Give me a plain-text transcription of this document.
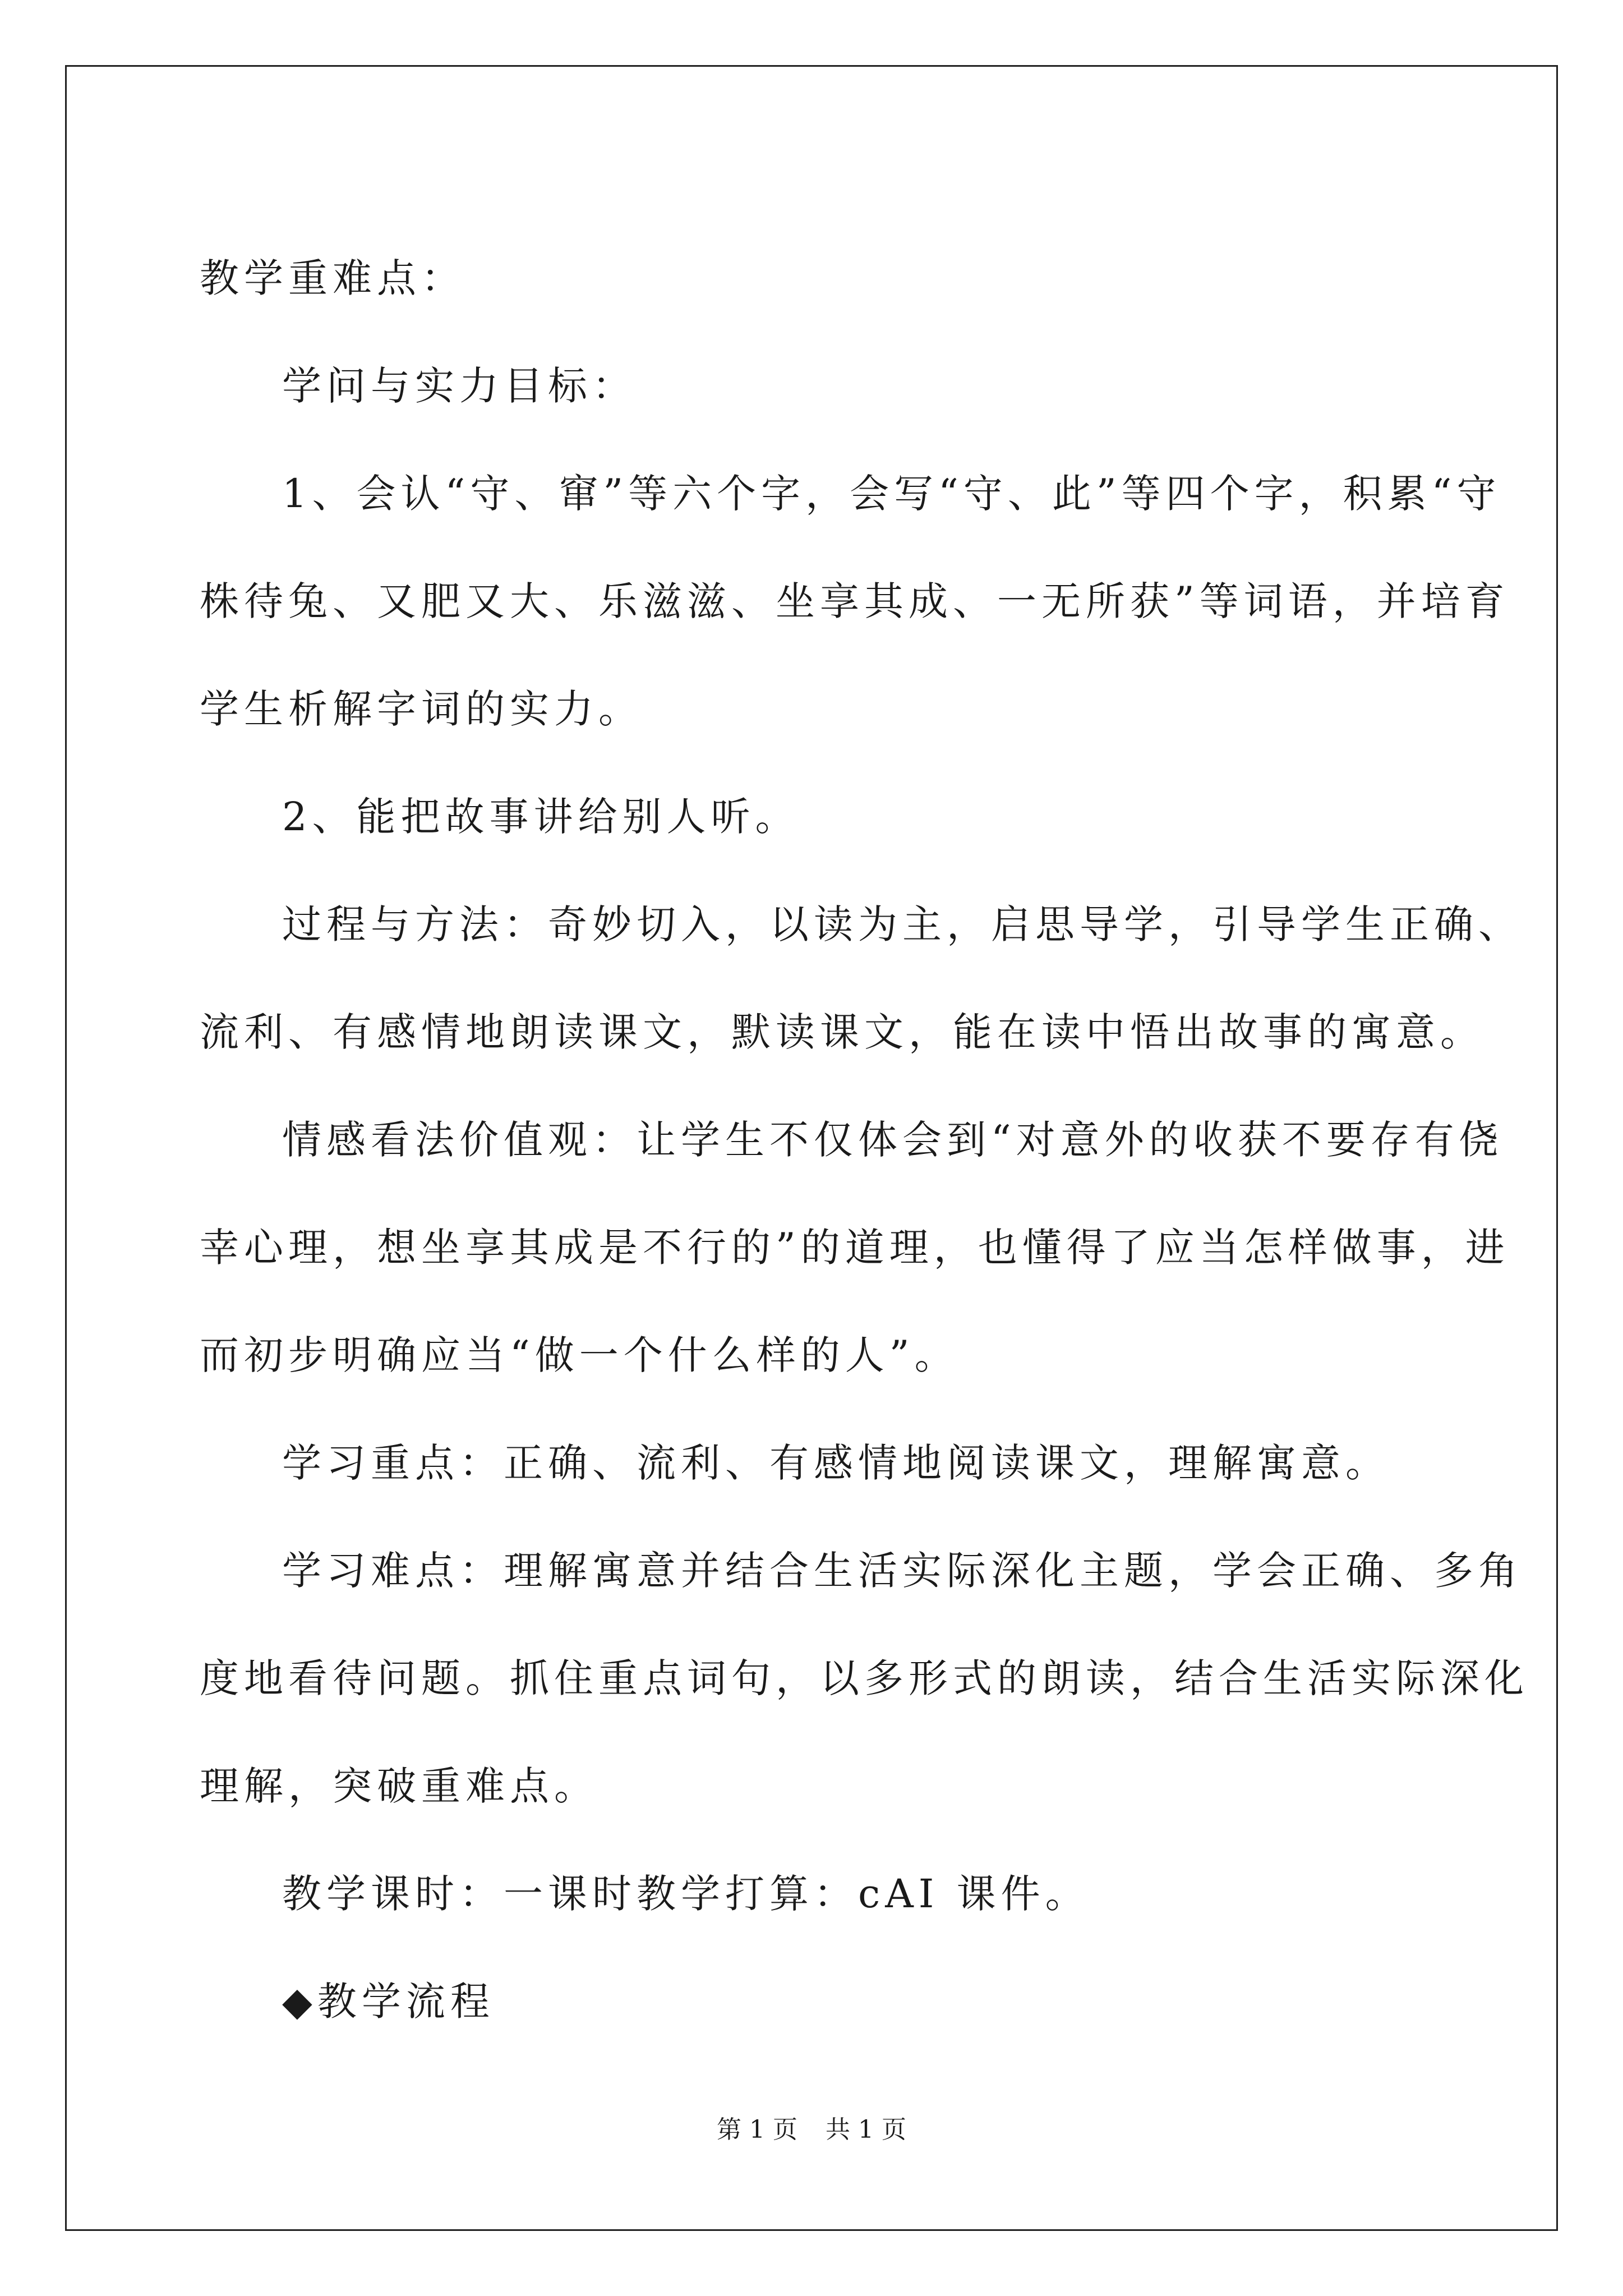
教学重难点：

学问与实力目标：

1、会认“守、窜”等六个字，会写“守、此”等四个字，积累“守

株待兔、又肥又大、乐滋滋、坐享其成、一无所获”等词语，并培育

学生析解字词的实力。

2、能把故事讲给别人听。

过程与方法：奇妙切入，以读为主，启思导学，引导学生正确、

流利、有感情地朗读课文，默读课文，能在读中悟出故事的寓意。

情感看法价值观：让学生不仅体会到“对意外的收获不要存有侥

幸心理，想坐享其成是不行的”的道理，也懂得了应当怎样做事，进

而初步明确应当“做一个什么样的人”。

学习重点：正确、流利、有感情地阅读课文，理解寓意。

学习难点：理解寓意并结合生活实际深化主题，学会正确、多角

度地看待问题。抓住重点词句，以多形式的朗读，结合生活实际深化

理解，突破重难点。

教学课时：一课时教学打算：cAI 课件。

◆教学流程

第 1 页 共 1 页
